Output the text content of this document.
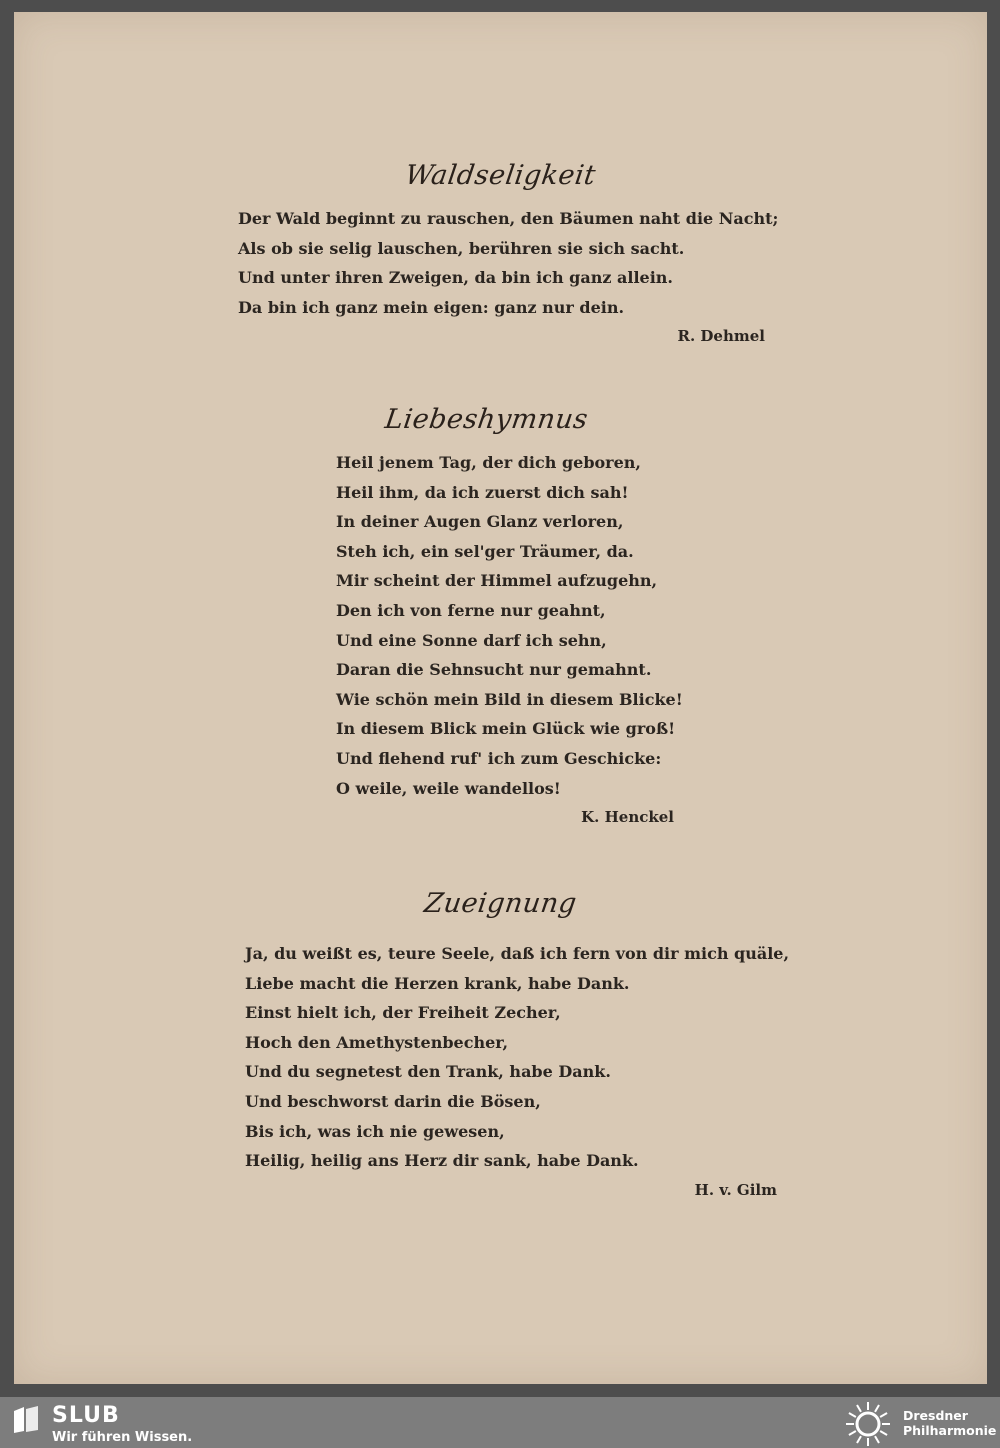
Waldseligkeit
Der Wald beginnt zu rauschen, den Bäumen naht die Nacht;
Als ob sie selig lauschen, berühren sie sich sacht.
Und unter ihren Zweigen, da bin ich ganz allein.
Da bin ich ganz mein eigen: ganz nur dein.
R. Dehmel
Liebeshymnus
Heil jenem Tag, der dich geboren,
Heil ihm, da ich zuerst dich sah!
In deiner Augen Glanz verloren,
Steh ich, ein sel'ger Träumer, da.
Mir scheint der Himmel aufzugehn,
Den ich von ferne nur geahnt,
Und eine Sonne darf ich sehn,
Daran die Sehnsucht nur gemahnt.
Wie schön mein Bild in diesem Blicke!
In diesem Blick mein Glück wie groß!
Und flehend ruf' ich zum Geschicke:
O weile, weile wandellos!
K. Henckel
Zueignung
Ja, du weißt es, teure Seele, daß ich fern von dir mich quäle,
Liebe macht die Herzen krank, habe Dank.
Einst hielt ich, der Freiheit Zecher,
Hoch den Amethystenbecher,
Und du segnetest den Trank, habe Dank.
Und beschworst darin die Bösen,
Bis ich, was ich nie gewesen,
Heilig, heilig ans Herz dir sank, habe Dank.
H. v. Gilm
SLUB
Wir führen Wissen.
Dresdner
Philharmonie
